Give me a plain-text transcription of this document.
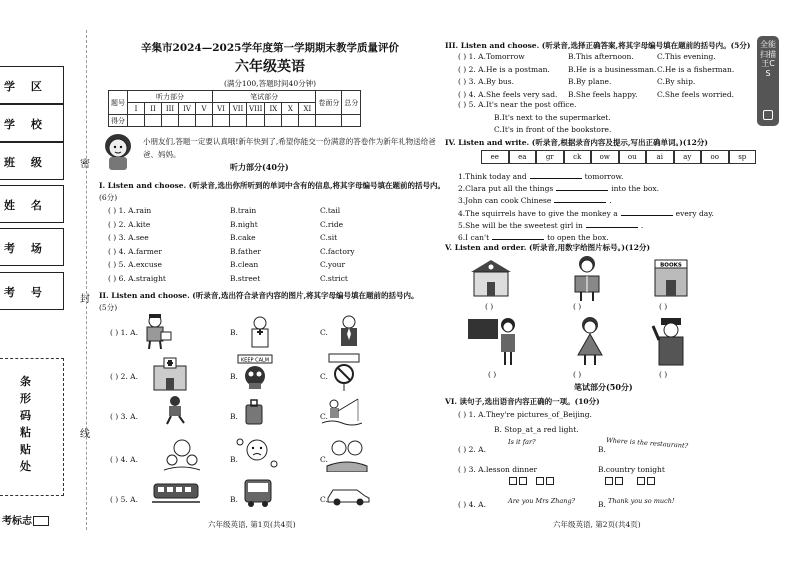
学 区
学 校
班 级
姓 名
考 场
考 号
条形码粘贴处
考标志
密
封
线
辛集市2024—2025学年度第一学期期末教学质量评价
六年级英语
(满分100,答题时间40分钟)
题号	听力部分					笔试部分						卷面分	总分
	I	II	III	IV	V	VI	VII	VIII	IX	X	XI		
得分													
小朋友们,答题一定要认真哦!新年快到了,希望你能交一份满意的答卷作为新年礼物送给爸爸、妈妈。
听力部分(40分)
I. Listen and choose. (听录音,选出你所听到的单词中含有的信息,将其字母编号填在题前的括号内。
(6分)
( ) 1. A.rain	B.train	C.tail
( ) 2. A.kite	B.night	C.ride
( ) 3. A.see	B.cake	C.sit
( ) 4. A.farmer	B.father	C.factory
( ) 5. A.excuse	B.clean	C.your
( ) 6. A.straight	B.street	C.strict
II. Listen and choose. (听录音,选出符合录音内容的图片,将其字母编号填在题前的括号内。
(5分)
( ) 1. A.	B.	C.
( ) 2. A.	B.	C.
( ) 3. A.	B.	C.
( ) 4. A.	B.	C.
( ) 5. A.	B.	C.
KEEP CALM
六年级英语, 第1页(共4页)
III. Listen and choose. (听录音,选择正确答案,将其字母编号填在题前的括号内。(5分)
( ) 1. A.Tomorrow	B.This afternoon.	C.This evening.
( ) 2. A.He is a postman. B.He is a businessman. C.He is a fisherman.
( ) 3. A.By bus.	B.By plane.	C.By ship.
( ) 4. A.She feels very sad. B.She feels happy.	C.She feels worried.
( ) 5. A.It's near the post office.
B.It's next to the supermarket.
C.It's in front of the bookstore.
IV. Listen and write. (听录音,根据录音内容及提示,写出正确单词。)(12分)
ee	ea	gr	ck	ow	ou	ai	ay	oo	sp
1.Think today and	tomorrow.
2.Clara put all the things	into the box.
3.John can cook Chinese	.
4.The squirrels have to give the monkey a	every day.
5.She will be the sweetest girl in	.
6.I can't	to open the box.
V. Listen and order. (听录音,用数字给图片标号。)(12分)
BOOKS
( )	( )	( )
( )	( )	( )
笔试部分(50分)
VI. 读句子,选出语音内容正确的一项。(10分)
( ) 1. A.They're pictures_of_Beijing.
B. Stop_at_a red light.
( ) 2. A.
Is it far?
B. Where is the restaurant?
( ) 3. A.lesson dinner	B.country tonight

( ) 4. A.	Are you Mrs Zhang?	B. Thank you so much!
六年级英语, 第2页(共4页)
全能扫描王CS
